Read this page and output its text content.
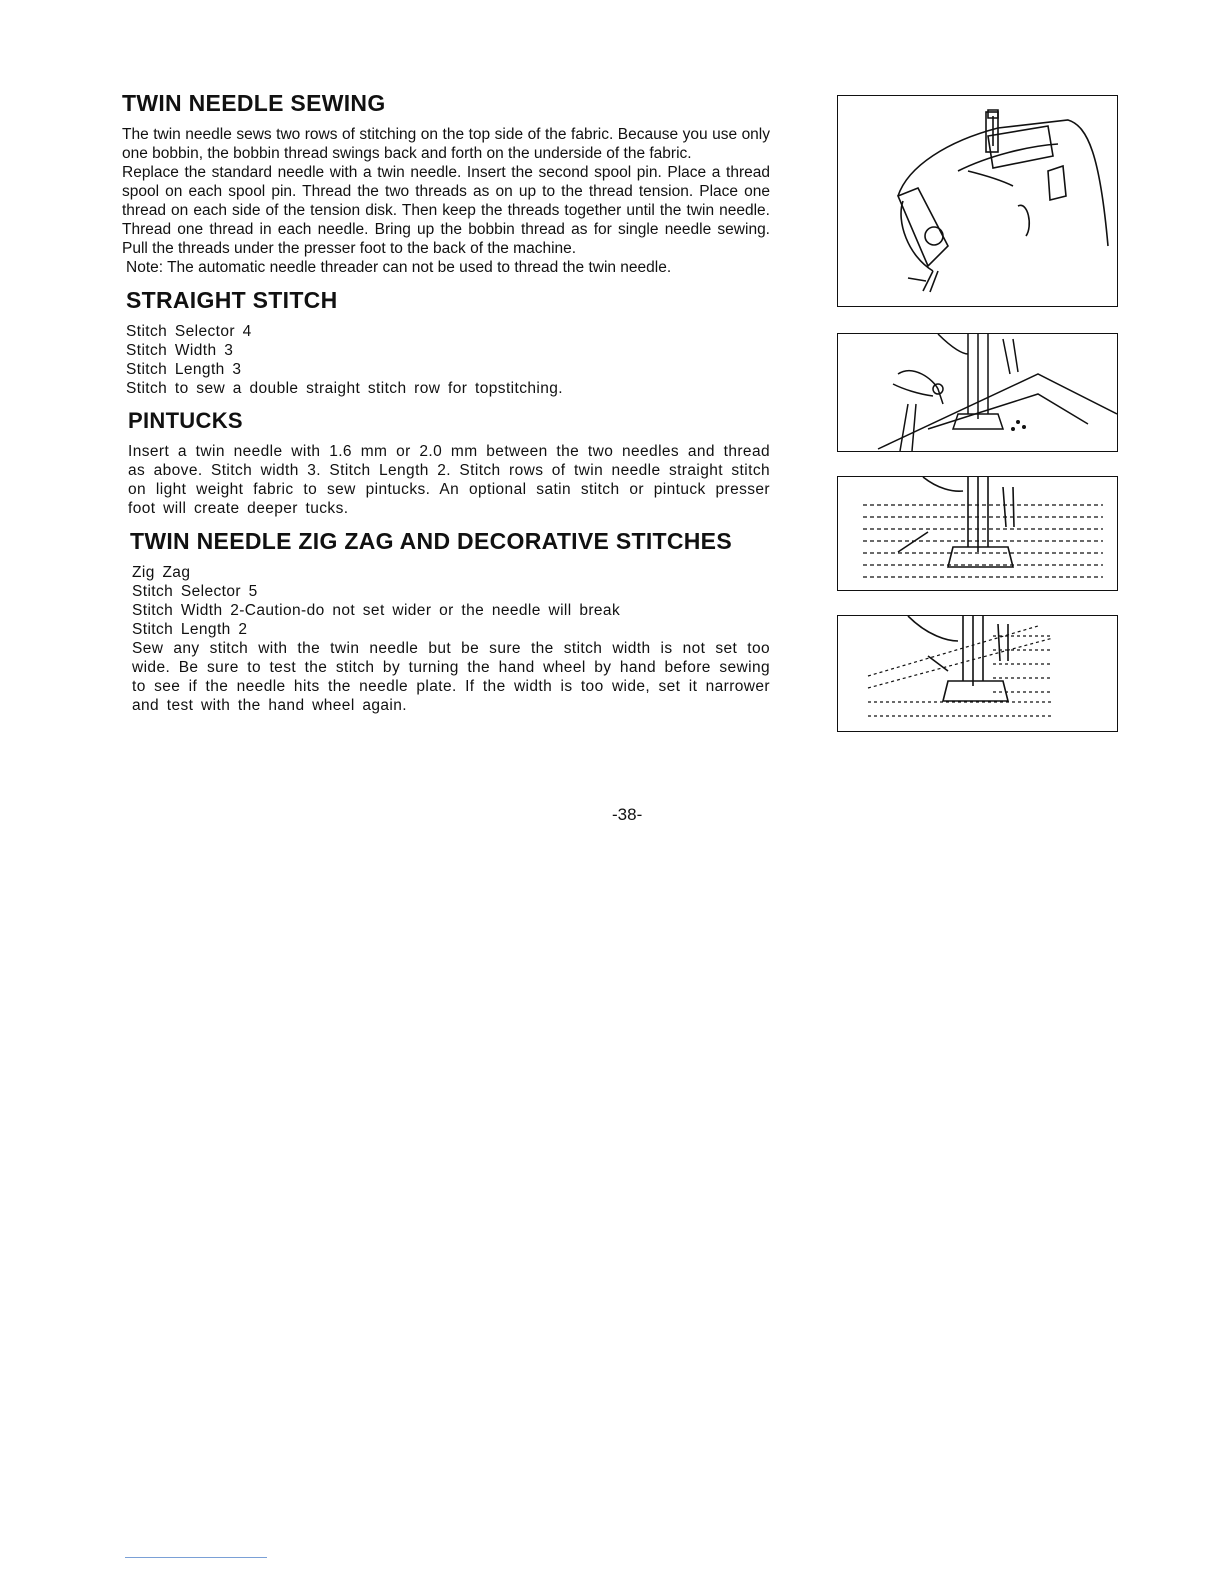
TWIN NEEDLE SEWING

The twin needle sews two rows of stitching on the top side of the fabric. Because you use only one bobbin, the bobbin thread swings back and forth on the underside of the fabric.

Replace the standard needle with a twin needle. Insert the second spool pin. Place a thread spool on each spool pin. Thread the two threads as on up to the thread tension. Place one thread on each side of the tension disk. Then keep the threads together until the twin needle. Thread one thread in each needle. Bring up the bobbin thread as for single needle sewing. Pull the threads under the presser foot to the back of the machine.

Note: The automatic needle threader can not be used to thread the twin needle.

STRAIGHT STITCH

Stitch Selector 4

Stitch Width 3

Stitch Length 3

Stitch to sew a double straight stitch row for topstitching.

PINTUCKS

Insert a twin needle with 1.6 mm or 2.0 mm between the two needles and thread as above. Stitch width 3. Stitch Length 2. Stitch rows of twin needle straight stitch on light weight fabric to sew pintucks. An optional satin stitch or pintuck presser foot will create deeper tucks.

TWIN NEEDLE ZIG ZAG AND DECORATIVE STITCHES

Zig Zag

Stitch Selector 5

Stitch Width 2-Caution-do not set wider or the needle will break

Stitch Length 2

Sew any stitch with the twin needle but be sure the stitch width is not set too wide. Be sure to test the stitch by turning the hand wheel by hand before sewing to see if the needle hits the needle plate. If the width is too wide, set it narrower and test with the hand wheel again.

-38-
